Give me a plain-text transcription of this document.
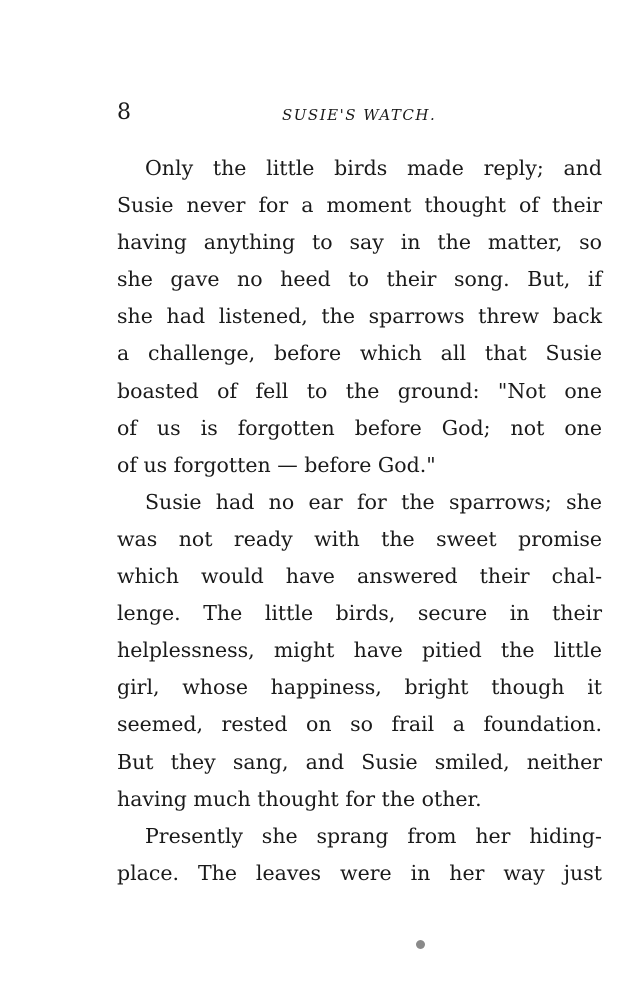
8	SUSIE'S WATCH.
Only the little birds made reply; and
Susie never for a moment thought of their
having anything to say in the matter, so
she gave no heed to their song. But, if
she had listened, the sparrows threw back
a challenge, before which all that Susie
boasted of fell to the ground: "Not one
of us is forgotten before God; not one
of us forgotten — before God."
Susie had no ear for the sparrows; she
was not ready with the sweet promise
which would have answered their chal-
lenge. The little birds, secure in their
helplessness, might have pitied the little
girl, whose happiness, bright though it
seemed, rested on so frail a foundation.
But they sang, and Susie smiled, neither
having much thought for the other.
Presently she sprang from her hiding-
place. The leaves were in her way just
